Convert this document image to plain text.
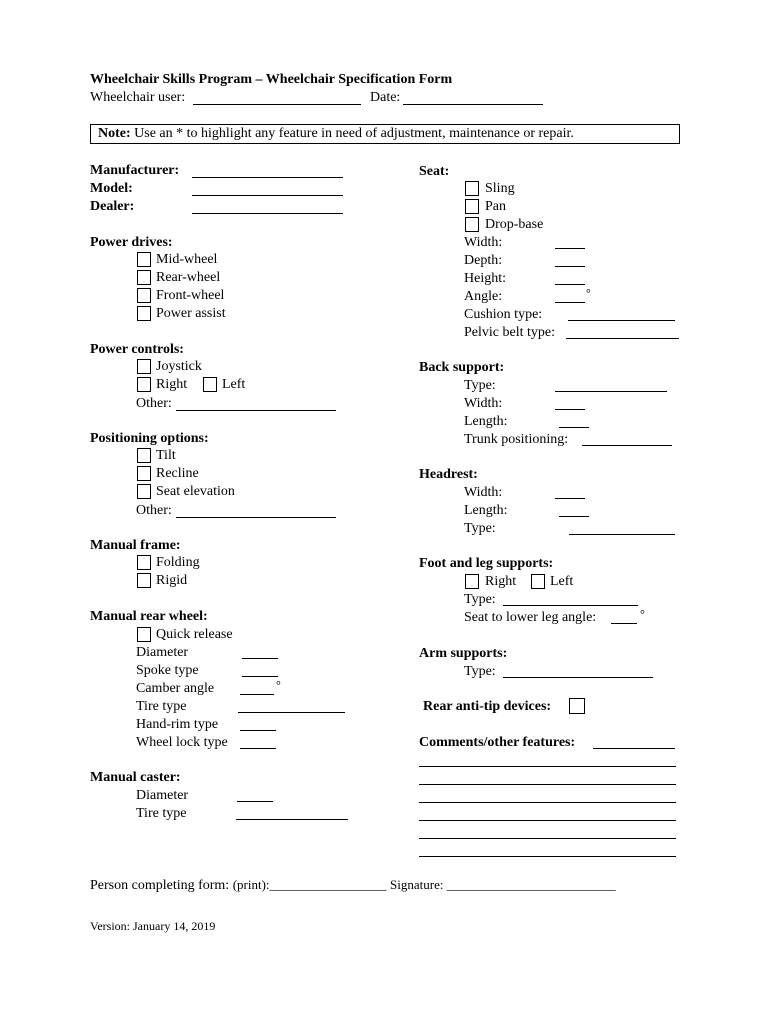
Wheelchair Skills Program – Wheelchair Specification Form
Wheelchair user:	Date:
Note: Use an * to highlight any feature in need of adjustment, maintenance or repair.
Manufacturer:
Model:
Dealer:
Power drives:
Mid-wheel
Rear-wheel
Front-wheel
Power assist
Power controls:
Joystick
Right Left
Other:
Positioning options:
Tilt
Recline
Seat elevation
Other:
Manual frame:
Folding
Rigid
Manual rear wheel:
Quick release
Diameter
Spoke type
Camber angle	°
Tire type
Hand-rim type
Wheel lock type
Manual caster:
Diameter
Tire type
Seat:
Sling
Pan
Drop-base
Width:
Depth:
Height:
Angle:	°
Cushion type:
Pelvic belt type:
Back support:
Type:
Width:
Length:
Trunk positioning:
Headrest:
Width:
Length:
Type:
Foot and leg supports:
Right Left
Type:
Seat to lower leg angle:	°
Arm supports:
Type:
Rear anti-tip devices:
Comments/other features:
Person completing form: (print):__________________ Signature: __________________________
Version: January 14, 2019
